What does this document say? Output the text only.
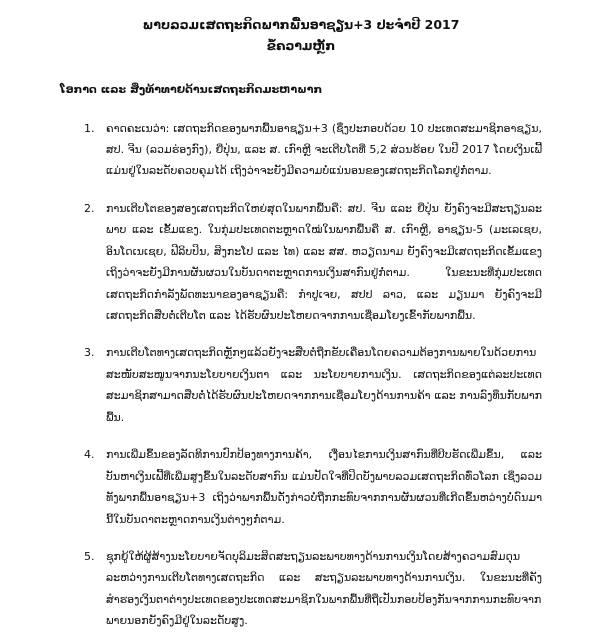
ພາບລວມເສດຖະກິດພາກພື້ນອາຊຽນ+3 ປະຈຳປີ 2017
ຂໍ້ຄວາມຫຼັກ
ໂອກາດ ແລະ ສິ່ງທ້າທາຍດ້ານເສດຖະກິດມະຫາພາກ
1.	ຄາດຄະເນວ່າ: ເສດຖະກິດຂອງພາກພື້ນອາຊຽນ+3 (ຊຶ່ງປະກອບດ້ວຍ 10 ປະເທດສະມາຊິກອາຊຽນ, ສປ. ຈີນ (ລວມຮ່ອງກົງ), ຍີ່ປຸ່ນ, ແລະ ສ. ເກົາຫຼີ ຈະເຕີບໂຕທີ່ 5,2 ສ່ວນຮ້ອຍ ໃນປີ 2017 ໂດຍເງິນເຟີ້ແມ່ນຢູ່ໃນລະດັບຄວບຄຸມໄດ້ ເຖິງວ່າຈະຍັງມີຄວາມບໍ່ແນ່ນອນຂອງເສດຖະກິດໂລກຢູ່ກໍ່ຕາມ.
2.	ການເຕີບໂຕຂອງສອງເສດຖະກິດໃຫຍ່ສຸດໃນພາກພື້ນຄື: ສປ. ຈີນ ແລະ ຍີ່ປຸ່ນ ຍັງຄົງຈະມີສະຖຽນລະພາບ ແລະ ເຂັ້ມແຂງ. ໃນກຸ່ມປະເທດຕະຫຼາດໃໝ່ໃນພາກພື້ນຄື ສ. ເກົາຫຼີ, ອາຊຽນ-5 (ມະເລເຊຍ, ອິນໂດເນເຊຍ, ຟີລິບປິນ, ສິງກະໂປ ແລະ ໄທ) ແລະ ສສ. ຫວຽດນາມ ຍັງຄົງຈະມີເສດຖະກິດເຂັ້ມແຂງ ເຖິງວ່າຈະຍັງມີການຜັນຜວນໃນບັນດາຕະຫຼາດການເງິນສາກົນຢູ່ກໍ່ຕາມ. ໃນຂະນະທີ່ກຸ່ມປະເທດເສດຖະກິດກຳລັງພັດທະນາຂອງອາຊຽນຄື: ກຳປູເຈຍ, ສປປ ລາວ, ແລະ ມຽນມາ ຍັງຄົງຈະມີເສດຖະກິດສືບຕໍ່ເຕີບໂຕ ແລະ ໄດ້ຮັບຜົນປະໂຫຍດຈາກການເຊື່ອມໂຍງເຂົ້າກັບພາກພື້ນ.
3.	ການເຕີບໂຕທາງເສດຖະກິດຫຼັກໆແລ້ວຍັງຈະສືບຕໍ່ຖືກຂັບເຄື່ອນໂດຍຄວາມຕ້ອງການພາຍໃນດ້ວຍການສະໜັບສະໜູນຈາກນະໂຍບາຍເງິນຕາ ແລະ ນະໂຍບາຍການເງິນ. ເສດຖະກິດຂອງແຕ່ລະປະເທດສະມາຊິກສາມາດສືບຕໍ່ໄດ້ຮັບຜົນປະໂຫຍດຈາກການເຊື່ອມໂຍງດ້ານການຄ້າ ແລະ ການລົງທຶນກັບພາກພື້ນ.
4.	ການເພີ່ມຂຶ້ນຂອງລັດທິການປົກປ້ອງທາງການຄ້າ, ເງື່ອນໄຂການເງິນສາກົນທີ່ບີບຮັດເພີ່ມຂຶ້ນ, ແລະ ບັນຫາເງິນເຟີ້ທີ່ເພີ່ມສູງຂຶ້ນໃນລະດັບສາກົນ ແມ່ນປັດໃຈທີ່ປິດບັງພາບລວມເສດຖະກິດທົ່ວໂລກ ເຊິ່ງລວມທັງພາກພື້ນອາຊຽນ+3 ເຖິງວ່າພາກພື້ນດັ່ງກ່າວບໍ່ຖືກກະທົບຈາກການຜັນຜວນທີ່ເກີດຂຶ້ນຫວ່າງບໍ່ດົນມານີ້ໃນບັນດາຕະຫຼາດການເງິນຕ່າງໆກໍ່ຕາມ.
5.	ຊຸກຍູ້ໃຫ້ຜູ້ສ້າງນະໂຍບາຍຈັດບຸລິມະສິດສະຖຽນລະພາບທາງດ້ານການເງິນໂດຍສ້າງຄວາມສົມດຸນລະຫວ່າງການເຕີບໂຕທາງເສດຖະກິດ ແລະ ສະຖຽນລະພາບທາງດ້ານການເງິນ. ໃນຂະນະທີ່ຄັງສຳຮອງເງິນຕາຕ່າງປະເທດຂອງປະເທດສະມາຊິກໃນພາກພື້ນທີ່ຖືເປັນກອບປ້ອງກັນຈາກການກະທົບຈາກພາຍນອກຍັງຄົງມີຢູ່ໃນລະດັບສູງ.
